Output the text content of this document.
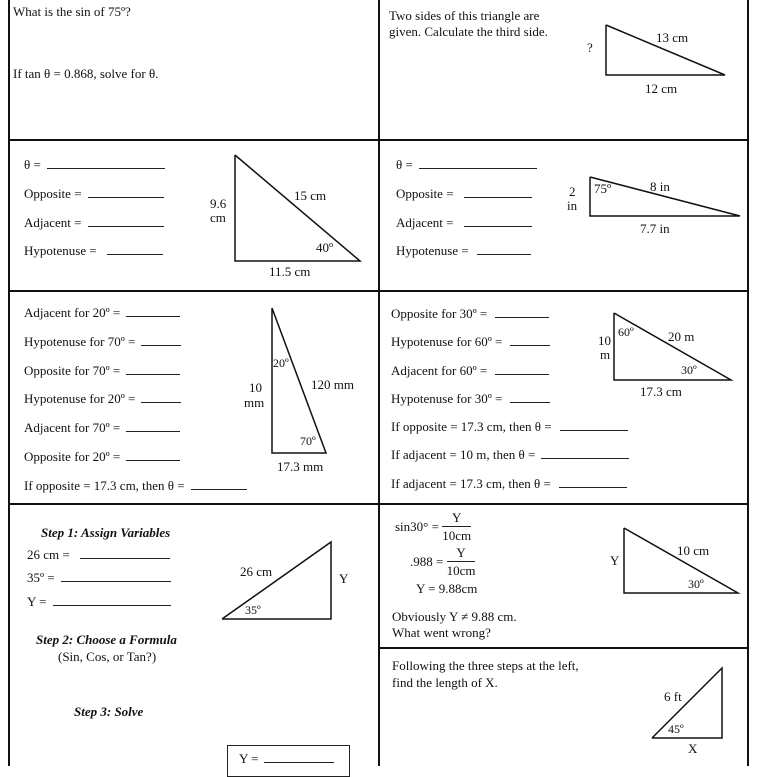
What is the sin of 75º?
If tan θ = 0.868, solve for θ.
Two sides of this triangle are
given. Calculate the third side.
?
13 cm
12 cm
θ =
Opposite =
Adjacent =
Hypotenuse =
9.6
cm
15 cm
40º
11.5 cm
θ =
Opposite =
Adjacent =
Hypotenuse =
2
in
75º	8 in
7.7 in
Adjacent for 20º =
Hypotenuse for 70º =
Opposite for 70º =
Hypotenuse for 20º =
Adjacent for 70º =
Opposite for 20º =
If opposite = 17.3 cm, then θ =
20º
10
mm
120 mm
70º
17.3 mm
Opposite for 30º =
Hypotenuse for 60º =
Adjacent for 60º =
Hypotenuse for 30º =
If opposite = 17.3 cm, then θ =
If adjacent = 10 m, then θ =
If adjacent = 17.3 cm, then θ =
10
m
60º	20 m
30º
17.3 cm
Step 1: Assign Variables
26 cm =
35º =
Y =
26 cm	Y
35º
Step 2: Choose a Formula
(Sin, Cos, or Tan?)
Step 3: Solve
Y =
$\sin 30^\circ = \frac{Y}{10cm}$
$.988 = \frac{Y}{10cm}$
Y = 9.88cm
Obviously Y ≠ 9.88 cm.
What went wrong?
Y
10 cm
30º
Following the three steps at the left,
find the length of X.
6 ft
45º
X
